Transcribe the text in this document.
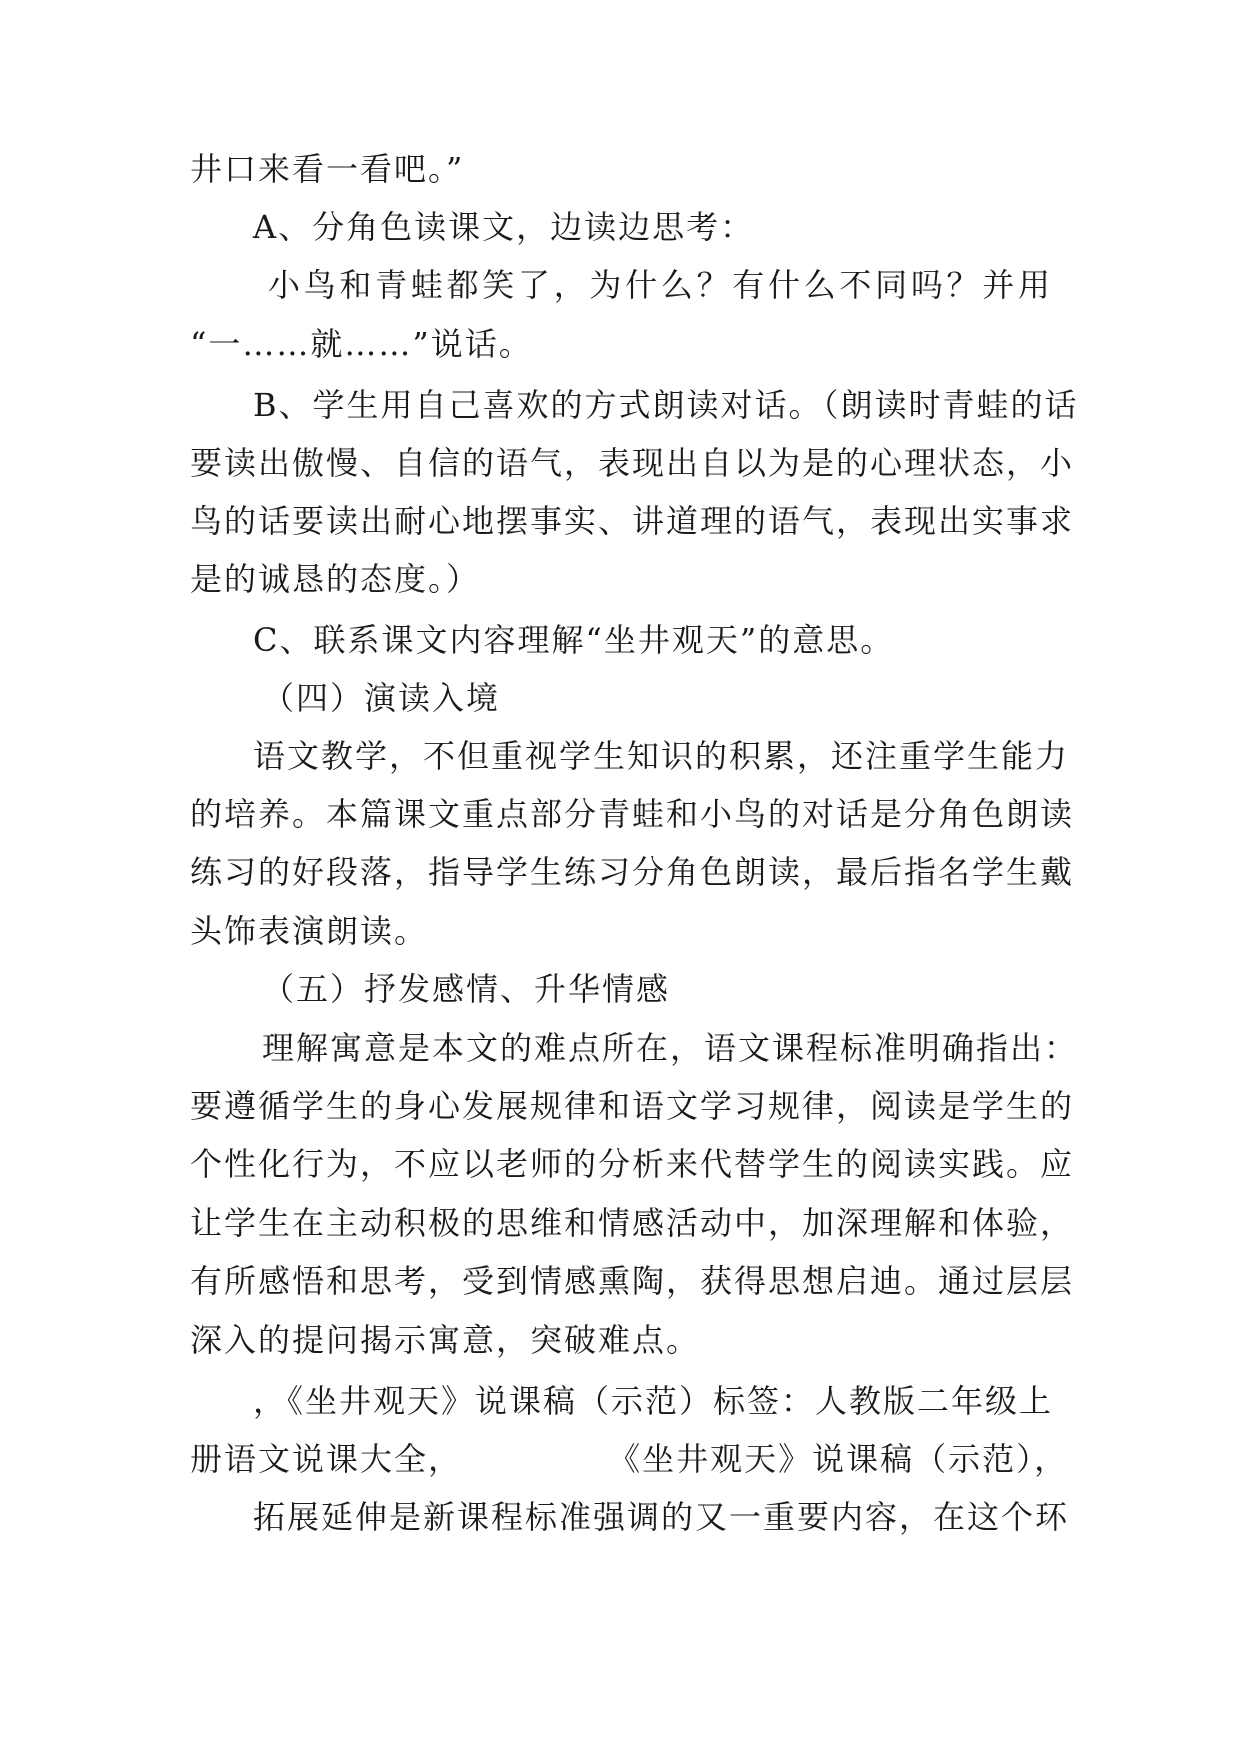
井口来看一看吧。”
A、分角色读课文，边读边思考：
小鸟和青蛙都笑了，为什么？有什么不同吗？并用
“一……就……”说话。
B、学生用自己喜欢的方式朗读对话。（朗读时青蛙的话
要读出傲慢、自信的语气，表现出自以为是的心理状态，小
鸟的话要读出耐心地摆事实、讲道理的语气，表现出实事求
是的诚恳的态度。）
C、联系课文内容理解“坐井观天”的意思。
（四）演读入境
语文教学，不但重视学生知识的积累，还注重学生能力
的培养。本篇课文重点部分青蛙和小鸟的对话是分角色朗读
练习的好段落，指导学生练习分角色朗读，最后指名学生戴
头饰表演朗读。
（五）抒发感情、升华情感
理解寓意是本文的难点所在，语文课程标准明确指出：
要遵循学生的身心发展规律和语文学习规律，阅读是学生的
个性化行为，不应以老师的分析来代替学生的阅读实践。应
让学生在主动积极的思维和情感活动中，加深理解和体验，
有所感悟和思考，受到情感熏陶，获得思想启迪。通过层层
深入的提问揭示寓意，突破难点。
，《坐井观天》说课稿（示范）标签：人教版二年级上
册语文说课大全，            《坐井观天》说课稿（示范），
拓展延伸是新课程标准强调的又一重要内容，在这个环
